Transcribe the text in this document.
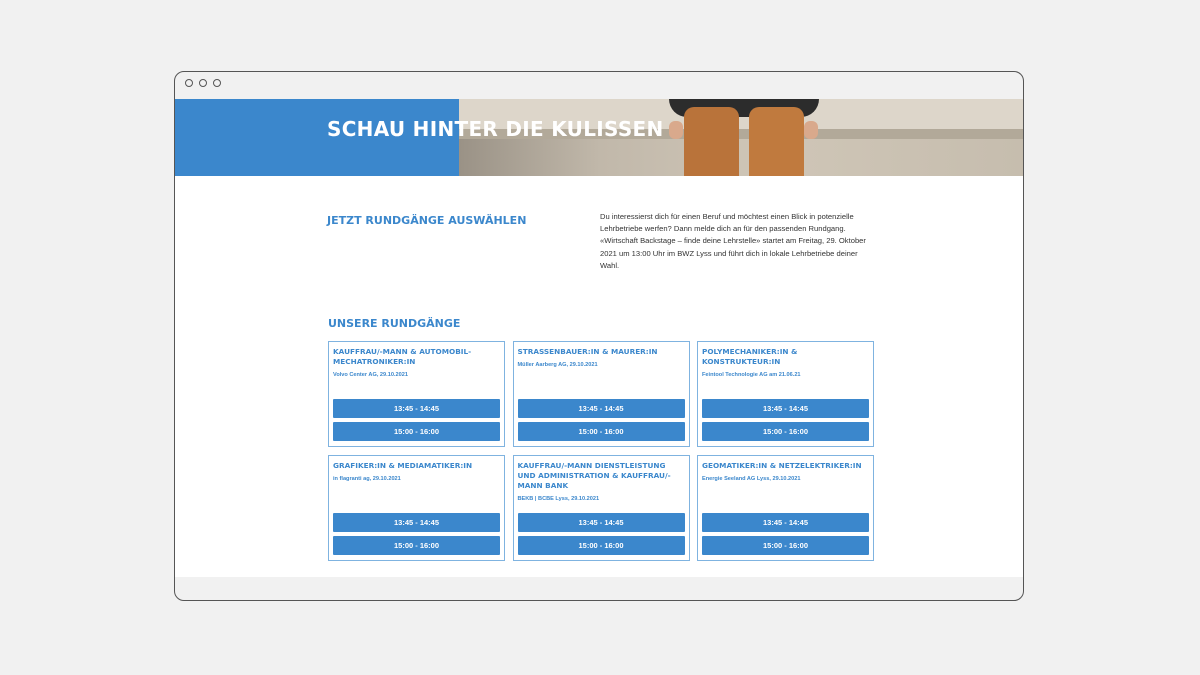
SCHAU HINTER DIE KULISSEN
JETZT RUNDGÄNGE AUSWÄHLEN	Du interessierst dich für einen Beruf und möchtest einen Blick in potenzielle Lehrbetriebe werfen? Dann melde dich an für den passenden Rundgang. «Wirtschaft Backstage – finde deine Lehrstelle» startet am Freitag, 29. Oktober 2021 um 13:00 Uhr im BWZ Lyss und führt dich in lokale Lehrbetriebe deiner Wahl.

UNSERE RUNDGÄNGE

KAUFFRAU/-MANN & AUTOMOBIL-MECHATRONIKER:IN
Volvo Center AG, 29.10.2021

13:45 - 14:45
15:00 - 16:00

STRASSENBAUER:IN & MAURER:IN
Müller Aarberg AG, 29.10.2021

13:45 - 14:45
15:00 - 16:00

POLYMECHANIKER:IN & KONSTRUKTEUR:IN
Feintool Technologie AG am 21.06.21

13:45 - 14:45
15:00 - 16:00

GRAFIKER:IN & MEDIAMATIKER:IN
in flagranti ag, 29.10.2021

13:45 - 14:45
15:00 - 16:00

KAUFFRAU/-MANN DIENSTLEISTUNG UND ADMINISTRATION & KAUFFRAU/-MANN BANK
BEKB | BCBE Lyss, 29.10.2021

13:45 - 14:45
15:00 - 16:00

GEOMATIKER:IN & NETZELEKTRIKER:IN
Energie Seeland AG Lyss, 29.10.2021

13:45 - 14:45
15:00 - 16:00
